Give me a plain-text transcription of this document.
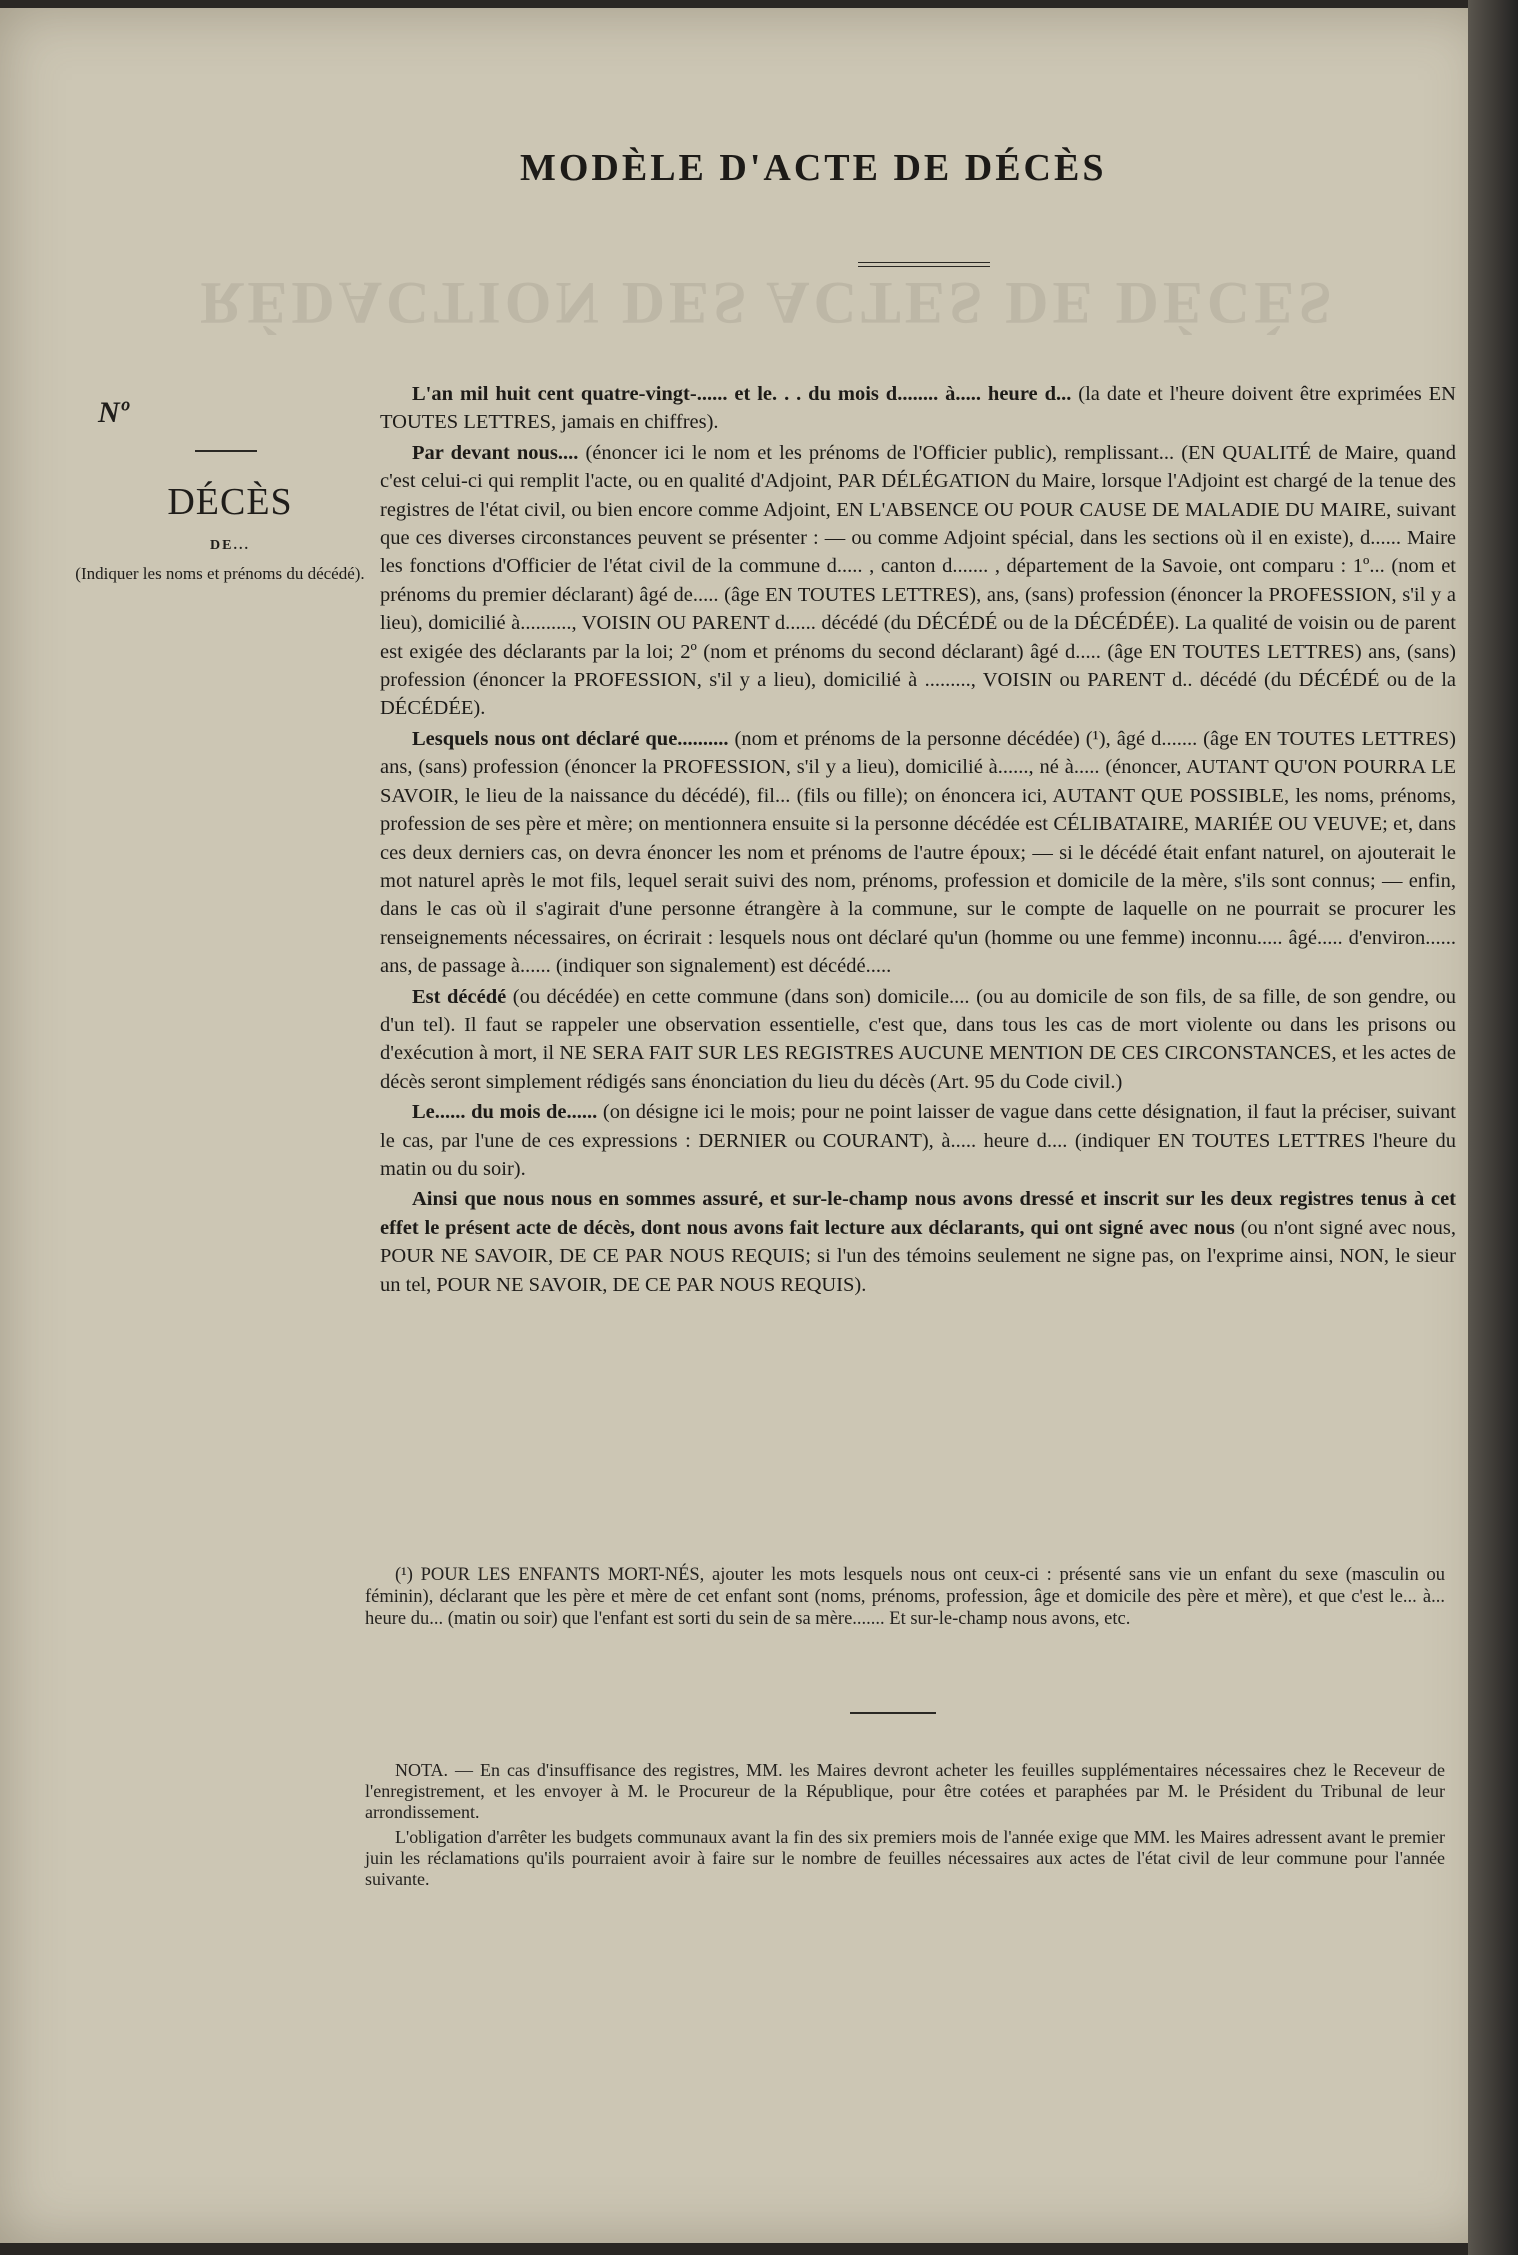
RÉDACTION DES ACTES DE DÉCÈS
MODÈLE D'ACTE DE DÉCÈS
Nº
DÉCÈS
DE...
(Indiquer les noms et prénoms du décédé).

L'an mil huit cent quatre-vingt-...... et le. . . du mois d........ à..... heure d... (la date et l'heure doivent être exprimées EN TOUTES LETTRES, jamais en chiffres).

Par devant nous.... (énoncer ici le nom et les prénoms de l'Officier public), remplissant... (EN QUALITÉ de Maire, quand c'est celui-ci qui remplit l'acte, ou en qualité d'Adjoint, PAR DÉLÉGATION du Maire, lorsque l'Adjoint est chargé de la tenue des registres de l'état civil, ou bien encore comme Adjoint, EN L'ABSENCE OU POUR CAUSE DE MALADIE DU MAIRE, suivant que ces diverses circonstances peuvent se présenter : — ou comme Adjoint spécial, dans les sections où il en existe), d...... Maire les fonctions d'Officier de l'état civil de la commune d..... , canton d....... , département de la Savoie, ont comparu : 1º... (nom et prénoms du premier déclarant) âgé de..... (âge EN TOUTES LETTRES), ans, (sans) profession (énoncer la PROFESSION, s'il y a lieu), domicilié à.........., VOISIN OU PARENT d...... décédé (du DÉCÉDÉ ou de la DÉCÉDÉE). La qualité de voisin ou de parent est exigée des déclarants par la loi; 2º (nom et prénoms du second déclarant) âgé d..... (âge EN TOUTES LETTRES) ans, (sans) profession (énoncer la PROFESSION, s'il y a lieu), domicilié à ........., VOISIN ou PARENT d.. décédé (du DÉCÉDÉ ou de la DÉCÉDÉE).

Lesquels nous ont déclaré que.......... (nom et prénoms de la personne décédée) (¹), âgé d....... (âge EN TOUTES LETTRES) ans, (sans) profession (énoncer la PROFESSION, s'il y a lieu), domicilié à......, né à..... (énoncer, AUTANT QU'ON POURRA LE SAVOIR, le lieu de la naissance du décédé), fil... (fils ou fille); on énoncera ici, AUTANT QUE POSSIBLE, les noms, prénoms, profession de ses père et mère; on mentionnera ensuite si la personne décédée est CÉLIBATAIRE, MARIÉE OU VEUVE; et, dans ces deux derniers cas, on devra énoncer les nom et prénoms de l'autre époux; — si le décédé était enfant naturel, on ajouterait le mot naturel après le mot fils, lequel serait suivi des nom, prénoms, profession et domicile de la mère, s'ils sont connus; — enfin, dans le cas où il s'agirait d'une personne étrangère à la commune, sur le compte de laquelle on ne pourrait se procurer les renseignements nécessaires, on écrirait : lesquels nous ont déclaré qu'un (homme ou une femme) inconnu..... âgé..... d'environ...... ans, de passage à...... (indiquer son signalement) est décédé.....

Est décédé (ou décédée) en cette commune (dans son) domicile.... (ou au domicile de son fils, de sa fille, de son gendre, ou d'un tel). Il faut se rappeler une observation essentielle, c'est que, dans tous les cas de mort violente ou dans les prisons ou d'exécution à mort, il NE SERA FAIT SUR LES REGISTRES AUCUNE MENTION DE CES CIRCONSTANCES, et les actes de décès seront simplement rédigés sans énonciation du lieu du décès (Art. 95 du Code civil.)

Le...... du mois de...... (on désigne ici le mois; pour ne point laisser de vague dans cette désignation, il faut la préciser, suivant le cas, par l'une de ces expressions : DERNIER ou COURANT), à..... heure d.... (indiquer EN TOUTES LETTRES l'heure du matin ou du soir).

Ainsi que nous nous en sommes assuré, et sur-le-champ nous avons dressé et inscrit sur les deux registres tenus à cet effet le présent acte de décès, dont nous avons fait lecture aux déclarants, qui ont signé avec nous (ou n'ont signé avec nous, POUR NE SAVOIR, DE CE PAR NOUS REQUIS; si l'un des témoins seulement ne signe pas, on l'exprime ainsi, NON, le sieur un tel, POUR NE SAVOIR, DE CE PAR NOUS REQUIS).

(¹) POUR LES ENFANTS MORT-NÉS, ajouter les mots lesquels nous ont ceux-ci : présenté sans vie un enfant du sexe (masculin ou féminin), déclarant que les père et mère de cet enfant sont (noms, prénoms, profession, âge et domicile des père et mère), et que c'est le... à... heure du... (matin ou soir) que l'enfant est sorti du sein de sa mère....... Et sur-le-champ nous avons, etc.

NOTA. — En cas d'insuffisance des registres, MM. les Maires devront acheter les feuilles supplémentaires nécessaires chez le Receveur de l'enregistrement, et les envoyer à M. le Procureur de la République, pour être cotées et paraphées par M. le Président du Tribunal de leur arrondissement.

L'obligation d'arrêter les budgets communaux avant la fin des six premiers mois de l'année exige que MM. les Maires adressent avant le premier juin les réclamations qu'ils pourraient avoir à faire sur le nombre de feuilles nécessaires aux actes de l'état civil de leur commune pour l'année suivante.
